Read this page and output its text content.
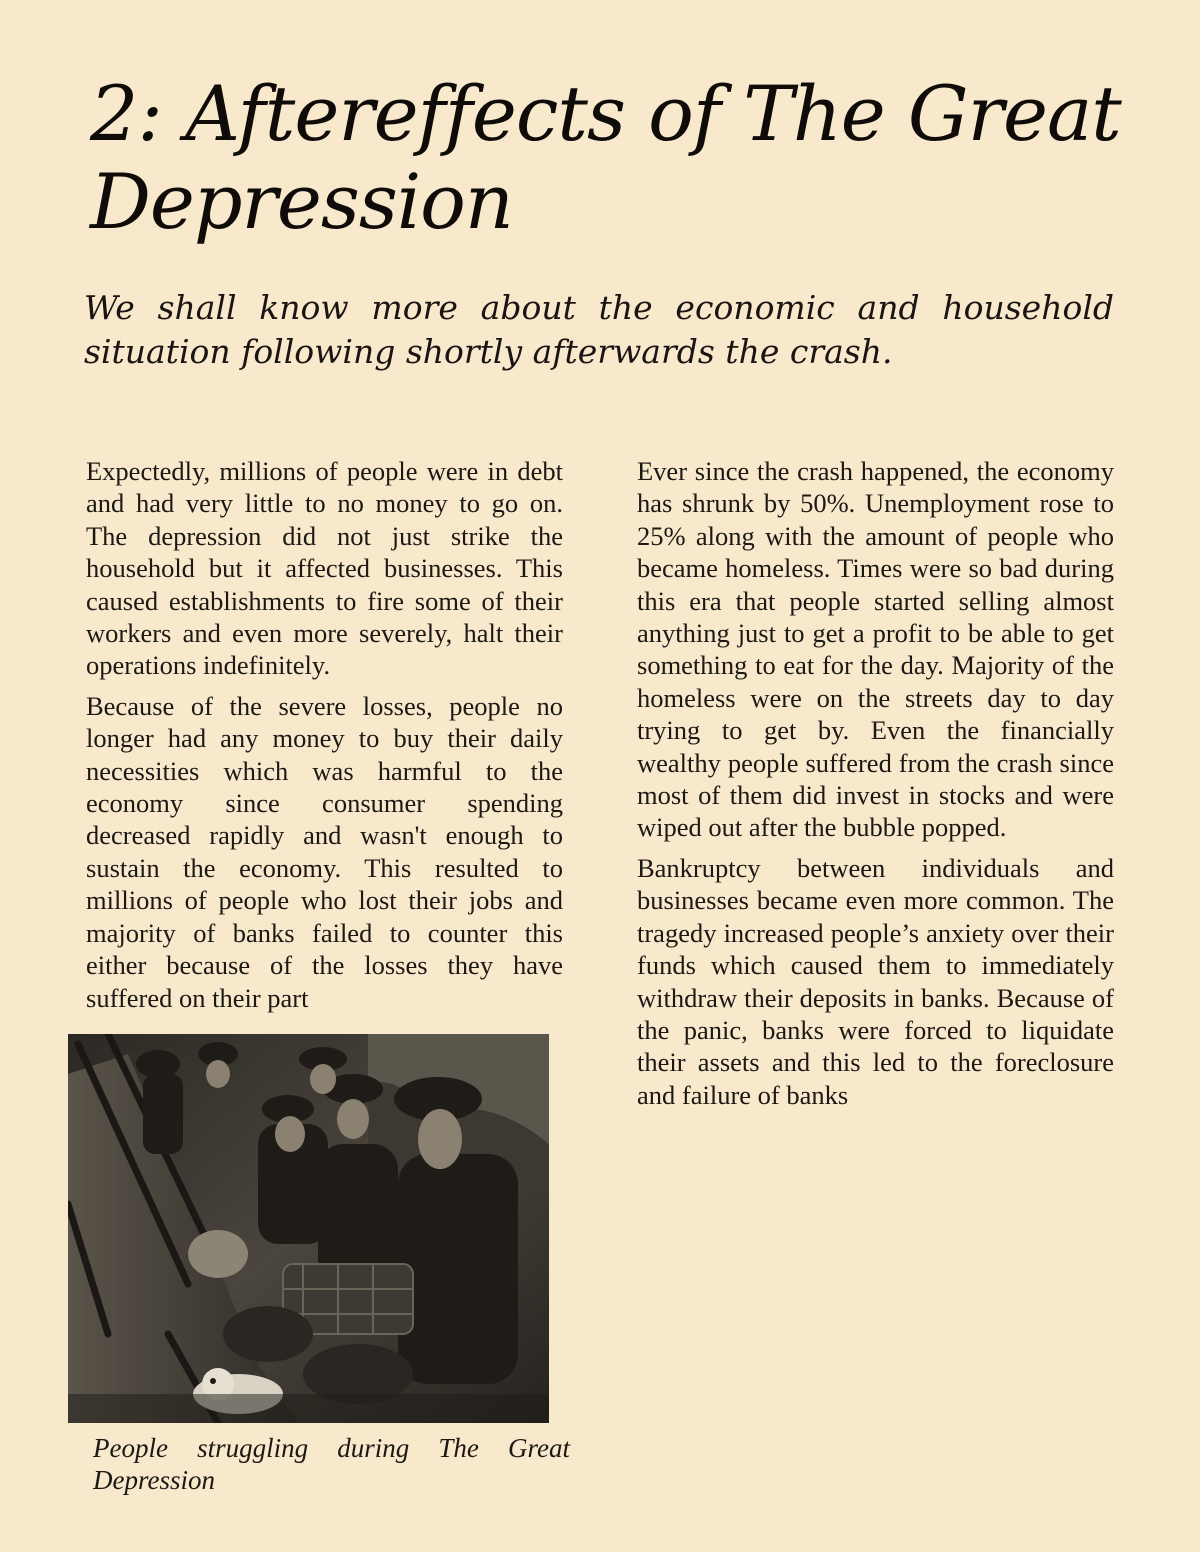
2: Aftereffects of The Great Depression

We shall know more about the economic and household situation following shortly afterwards the crash.

Expectedly, millions of people were in debt and had very little to no money to go on. The depression did not just strike the household but it affected businesses. This caused establishments to fire some of their workers and even more severely, halt their operations indefinitely.

Because of the severe losses, people no longer had any money to buy their daily necessities which was harmful to the economy since consumer spending decreased rapidly and wasn't enough to sustain the economy. This resulted to millions of people who lost their jobs and majority of banks failed to counter this either because of the losses they have suffered on their part

Ever since the crash happened, the economy has shrunk by 50%. Unemployment rose to 25% along with the amount of people who became homeless. Times were so bad during this era that people started selling almost anything just to get a profit to be able to get something to eat for the day. Majority of the homeless were on the streets day to day trying to get by. Even the financially wealthy people suffered from the crash since most of them did invest in stocks and were wiped out after the bubble popped.

Bankruptcy between individuals and businesses became even more common. The tragedy increased people’s anxiety over their funds which caused them to immediately withdraw their deposits in banks. Because of the panic, banks were forced to liquidate their assets and this led to the foreclosure and failure of banks

People struggling during The Great Depression
